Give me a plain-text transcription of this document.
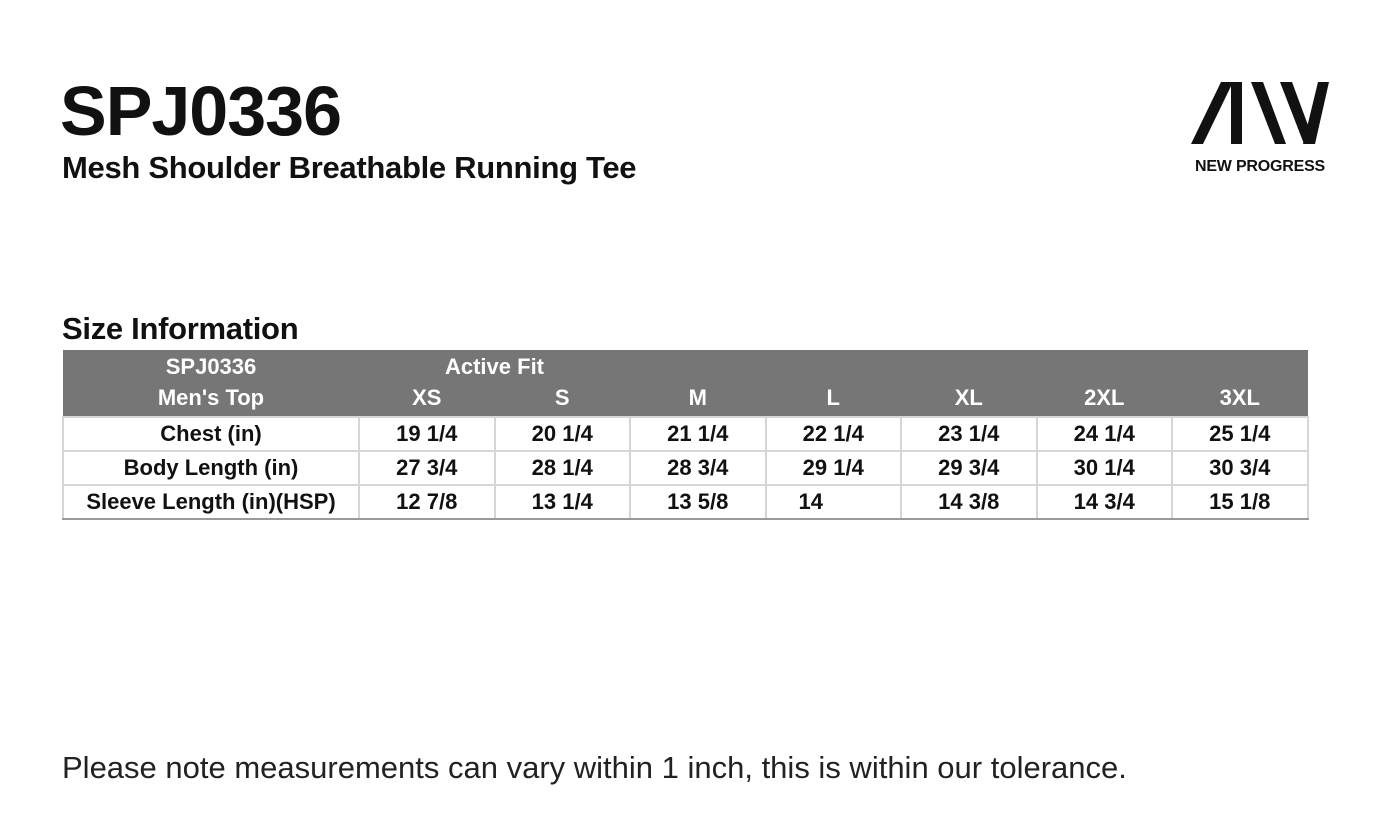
SPJ0336
Mesh Shoulder Breathable Running Tee	NEW PROGRESS
Size Information
SPJ0336	Active Fit						
Men's Top	XS	S	M	L	XL	2XL	3XL
Chest (in)	19 1/4	20 1/4	21 1/4	22 1/4	23 1/4	24 1/4	25 1/4
Body Length (in)	27 3/4	28 1/4	28 3/4	29 1/4	29 3/4	30 1/4	30 3/4
Sleeve Length (in)(HSP)	12 7/8	13 1/4	13 5/8	14	14 3/8	14 3/4	15 1/8

Please note measurements can vary within 1 inch, this is within our tolerance.
